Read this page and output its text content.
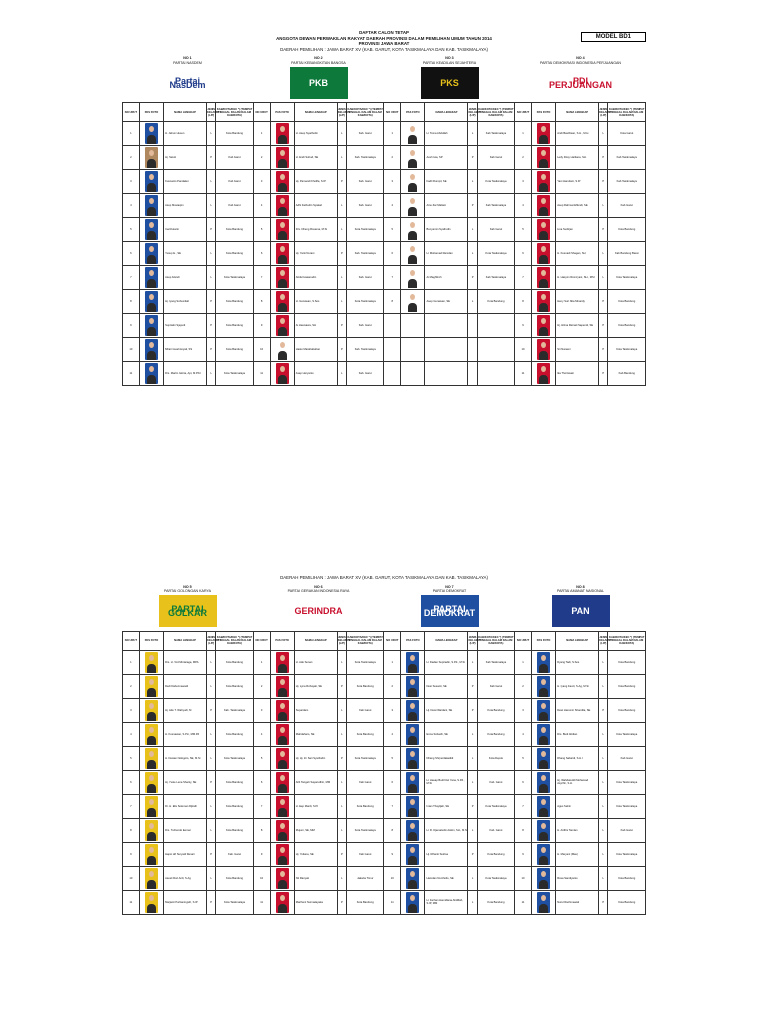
DAFTAR CALON TETAP
ANGGOTA DEWAN PERWAKILAN RAKYAT DAERAH PROVINSI DALAM PEMILIHAN UMUM TAHUN 2014
PROVINSI JAWA BARAT
DAERAH PEMILIHAN : JAWA BARAT XV (KAB. GARUT, KOTA TASIKMALAYA DAN KAB. TASIKMALAYA)
MODEL BD1
NO 1
PARTAI NASDEM
Partai NasDem
NO 2
PARTAI KEBANGKITAN BANGSA
PKB
NO 3
PARTAI KEADILAN SEJAHTERA
PKS
NO 4
PARTAI DEMOKRASI INDONESIA PERJUANGAN
PDI PERJUANGAN
NO URUT	PAS FOTO	NAMA LENGKAP	JENIS KELAMIN (L/P)	KAB/KOTA/KEC *) (TEMPAT TINGGAL DALAM DALAM KAB/KOTA)	NO URUT	PAS FOTO	NAMA LENGKAP	JENIS KELAMIN (L/P)	KAB/KOTA/KEC *) (TEMPAT TINGGAL DALAM DALAM KAB/KOTA)	NO URUT	PAS FOTO	NAMA LENGKAP	JENIS KELAMIN (L/P)	KAB/KOTA/KEC *) (TEMPAT TINGGAL DALAM DALAM KAB/KOTA)	NO URUT	PAS FOTO	NAMA LENGKAP	JENIS KELAMIN (L/P)	KAB/KOTA/KEC *) (TEMPAT TINGGAL DALAM DALAM KAB/KOTA)
1		H. Jahun Husen	L	Kota Bandung	1		H. Asep Syarifudin	L	Kab. Garut	1		H. Toma Abdullah	L	Kab Tasikmalaya	1		Andi Basthisan, S.H., M.H.	L	Kota Garut
2		Hj. Setuti	P	Kab Garut	2		H. Endi Suhud, SE	L	Kab. Tasikmalaya	2		Aceh Iwa, SP	P	Kab Garut	2		Ledy Rosy Harliana, SH.	P	Kab Tasikmalaya
3		Kusnanto Pandaket	L	Kab Garut	3		Hj. Pamandi Kholifa, S.IP	P	Kab. Garut	3		Fadli Rumpil, SE	L	Kota Tasikmalaya	3		Yani Hamdani, S.IP	P	Kab Tasikmalaya
4		Asep Mustaqim	L	Kab Garut	4		Adhi Fathudin Syakari	L	Kab. Garut	4		Ainu Zar Maliani	P	Kab Tasikmalaya	4		Asep Rahmat Effendi, SE	L	Kab Garut
5		Ina Rukanti	P	Kota Bandung	5		Drs. Dheng Rosama, M.Si	L	Kota Tasikmalaya	5		Bunyamin Syafrudin	L	Kab Garut	5		Lina Sudirjan	P	Kota Bandung
6		Yusup E., SE	L	Kota Bandung	6		Hj. Yanti Nurani	P	Kab. Tasikmalaya	6		H. Mohamad Ramdan	L	Kota Tasikmalaya	6		H. Kusnadi Shagan, SH	L	Kab Bandung Barat
7		Asep Afandi	L	Kota Tasikmalaya	7		Abdul Hasanudin	L	Kab. Garut	7		Ai Maghfiroh	P	Kab Tasikmalaya	7		H. Hasyim Romzyani, SH., MSI	L	Kota Tasikmalaya
8		Hj. Iyang Sohemilah	P	Kota Bandung	8		H. Gunawan, S.Sos	L	Kota Tasikmalaya	8		Asep Gunawan, SE	L	Kota Bandung	8		Heny Suri Nita Minardy	P	Kota Bandung
9		Supriatin Sjayudi	P	Kota Bandung	9		Ai Hasnaiwa, SH	P	Kab. Garut						9		Hj. Hilma Retnati Sapendi, SE	P	Kota Bandung
10		Mhari Guarintoyati, SS	P	Kota Bandung	10		Hasto Marahabahan	P	Kab. Tasikmalaya						10		Sri Nuraeni	P	Kota Tasikmalaya
11		Drs. Martin Gloria, Apt, M.Phil	L	Kota Tasikmalaya	11		Asep Heryanto	L	Kab. Garut						11		Ika Thoriswati	P	Kab Bandung
DAERAH PEMILIHAN : JAWA BARAT XV (KAB. GARUT, KOTA TASIKMALAYA DAN KAB. TASIKMALAYA)
NO 5
PARTAI GOLONGAN KARYA
PARTAI GOLKAR
NO 6
PARTAI GERAKAN INDONESIA RAYA
GERINDRA
NO 7
PARTAI DEMOKRAT
PARTAI DEMOKRAT
NO 8
PARTAI AMANAT NASIONAL
PAN
NO URUT	PAS FOTO	NAMA LENGKAP	JENIS KELAMIN (L/P)	KAB/KOTA/KEC *) (TEMPAT TINGGAL DALAM DALAM KAB/KOTA)	NO URUT	PAS FOTO	NAMA LENGKAP	JENIS KELAMIN (L/P)	KAB/KOTA/KEC *) (TEMPAT TINGGAL DALAM DALAM KAB/KOTA)	NO URUT	PAS FOTO	NAMA LENGKAP	JENIS KELAMIN (L/P)	KAB/KOTA/KEC *) (TEMPAT TINGGAL DALAM DALAM KAB/KOTA)	NO URUT	PAS FOTO	NAMA LENGKAP	JENIS KELAMIN (L/P)	KAB/KOTA/KEC *) (TEMPAT TINGGAL DALAM DALAM KAB/KOTA)
1		Drs. H. Yod Mintaraga, MPA	L	Kota Bandung	1		H. Ade Senan	L	Kota Tasikmalaya	1		H. Dadan Supriadin, S.Pd., M.Si	L	Kab Tasikmalaya	1		Dyang Tadi, S.Sos	L	Kota Bandung
2		Dedi Dahermawadi	L	Kota Bandung	2		Hj. Lyna Rohayati, SE	P	Kota Bandung	2		Desi Susanti, SE	P	Kab Garut	2		H. Iyang Fauzi, S.Ag, M.Si	L	Kota Bandung
3		Hj. Ade T. Wahyudi, M	P	Kab. Tasikmalaya	3		Supardam	L	Kab Garut	3		Hj. Dewi Wardani, SE	P	Kota Bandung	3		Dewi Harumin Shandila, SE	P	Kota Bandung
4		H. Kusnawan, S.Pd., MM.Pd	L	Kota Bandung	4		Mahdaharo, SE	L	Kota Bandung	4		Enna Sobardi, SE	L	Kota Bandung	4		Drs. Budi Abdian	L	Kota Tasikmalaya
5		H. Dewan Nologoto, SE, M.Si	L	Kota Tasikmalaya	5		Hj. Hj. Irn Sari Syarifudin	P	Kota Tasikmalaya	5		Dhang Shrperdakadidi	L	Kota Depok	5		Dhang Sabardi, S.H.I	L	Kab Garut
6		Hj. Yusie Lena Shanty, SE	P	Kota Bandung	6		Ahli Tangeh Sayarudhin, MM	L	Kab Garut	6		H. Hasap Budi Dwi Yana, S.Pd., M.Si	L	Kab. Garut	6		Hj. Wahdatuddi Mohamad Asyrifin, S.H.	L	Kota Tasikmalaya
7		Dr. H. Elis Soleman Djiksih	L	Kota Bandung	7		H. Eep Mardi, S.Pt	L	Kota Bandung	7		Intan Thaylijah, SE	P	Kota Tasikmalaya	7		Agus Sahin	L	Kota Tasikmalaya
8		Drs. Turhendo Eemar	L	Kota Bandung	8		Mujuni, SE, MM	L	Kota Tasikmalaya	8		H. R. Djamaludin Asikin, SH., M.Si	L	Kab. Garut	8		H. Ardhis Tamlan	L	Kab Garut
9		Hapsi Hrl Suryadi Renari	P	Kab. Garut	9		Hj. Yuliana, SE	P	Kab Garut	9		Hj. Rihanti Sutrisa	P	Kota Bandung	9		H. Maryani (Mas)	L	Kota Tasikmalaya
10		Asesti Rori Ardi, S.Ag	L	Kota Bandung	10		Nit Ranyati	L	Jakarta Timur	10		Hamdan Nurcholis, SE	L	Kota Tasikmalaya	10		Rosa Sandiyanto	L	Kota Bandung
11		Marjanti Purbaningsih, S.IP	P	Kota Tasikmalaya	11		Martheni Nurmalayaka	P	Kota Bandung	11		H. Farhan Hamidiana Abdillah, S.IP, MM	L	Kota Bandung	11		Nurul Rachmawati	P	Kota Bandung
